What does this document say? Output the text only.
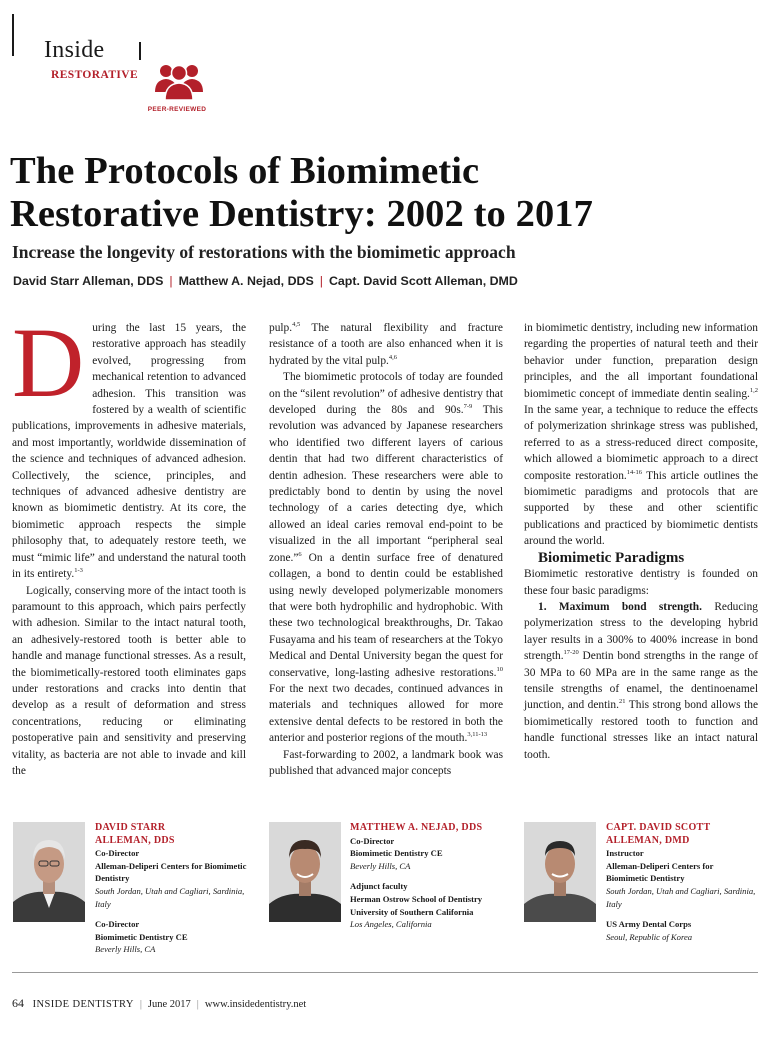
Inside
RESTORATIVE
PEER-REVIEWED
The Protocols of Biomimetic
Restorative Dentistry: 2002 to 2017
Increase the longevity of restorations with the biomimetic approach
David Starr Alleman, DDS | Matthew A. Nejad, DDS | Capt. David Scott Alleman, DMD

During the last 15 years, the restorative approach has steadily evolved, progressing from mechanical retention to advanced adhesion. This transition was fostered by a wealth of scientific publications, improvements in adhesive materials, and most importantly, worldwide dissemination of the science and techniques of advanced adhesion. Collectively, the science, principles, and techniques of advanced adhesive dentistry are known as biomimetic dentistry. At its core, the biomimetic approach respects the simple philosophy that, to adequately restore teeth, we must “mimic life” and understand the natural tooth in its entirety.$^{1-3}$

Logically, conserving more of the intact tooth is paramount to this approach, which pairs perfectly with adhesion. Similar to the intact natural tooth, an adhesively-restored tooth is better able to handle and manage functional stresses. As a result, the biomimetically-restored tooth eliminates gaps under restorations and cracks into dentin that develop as a result of deformation and stress concentrations, reducing or eliminating postoperative pain and sensitivity and preserving vitality, as bacteria are not able to invade and kill the

pulp.$^{4,5}$ The natural flexibility and fracture resistance of a tooth are also enhanced when it is hydrated by the vital pulp.$^{4,6}$

The biomimetic protocols of today are founded on the “silent revolution” of adhesive dentistry that developed during the 80s and 90s.$^{7-9}$ This revolution was advanced by Japanese researchers who identified two different layers of carious dentin that had two different characteristics of dentin adhesion. These researchers were able to predictably bond to dentin by using the novel technology of a caries detecting dye, which allowed an ideal caries removal end-point to be visualized in the all important “peripheral seal zone.”$^6$ On a dentin surface free of denatured collagen, a bond to dentin could be established using newly developed polymerizable monomers that were both hydrophilic and hydrophobic. With these two technological breakthroughs, Dr. Takao Fusayama and his team of researchers at the Tokyo Medical and Dental University began the quest for conservative, long-lasting adhesive restorations.$^{10}$ For the next two decades, continued advances in materials and techniques allowed for more extensive dental defects to be restored in both the anterior and posterior regions of the mouth.$^{3,11-13}$

Fast-forwarding to 2002, a landmark book was published that advanced major concepts

in biomimetic dentistry, including new information regarding the properties of natural teeth and their behavior under function, preparation design principles, and the all important foundational biomimetic concept of immediate dentin sealing.$^{1,2}$ In the same year, a technique to reduce the effects of polymerization shrinkage stress was published, referred to as a stress-reduced direct composite, which allowed a biomimetic approach to a direct composite restoration.$^{14-16}$ This article outlines the biomimetic paradigms and protocols that are supported by these and other scientific publications and practiced by biomimetic dentists around the world.

Biomimetic Paradigms

Biomimetic restorative dentistry is founded on these four basic paradigms:

1. Maximum bond strength. Reducing polymerization stress to the developing hybrid layer results in a 300% to 400% increase in bond strength.$^{17-20}$ Dentin bond strengths in the range of 30 MPa to 60 MPa are in the same range as the tensile strengths of enamel, the dentinoenamel junction, and dentin.$^{21}$ This strong bond allows the biomimetically restored tooth to function and handle functional stresses like an intact natural tooth.

DAVID STARR
ALLEMAN, DDS
Co-Director
Alleman-Deliperi Centers for Biomimetic Dentistry
South Jordan, Utah and Cagliari, Sardinia, Italy
Co-Director
Biomimetic Dentistry CE
Beverly Hills, CA
MATTHEW A. NEJAD, DDS
Co-Director
Biomimetic Dentistry CE
Beverly Hills, CA
Adjunct faculty
Herman Ostrow School of Dentistry University of Southern California
Los Angeles, California
CAPT. DAVID SCOTT
ALLEMAN, DMD
Instructor
Alleman-Deliperi Centers for Biomimetic Dentistry
South Jordan, Utah and Cagliari, Sardinia, Italy
US Army Dental Corps
Seoul, Republic of Korea
64 INSIDE DENTISTRY | June 2017 | www.insidedentistry.net
